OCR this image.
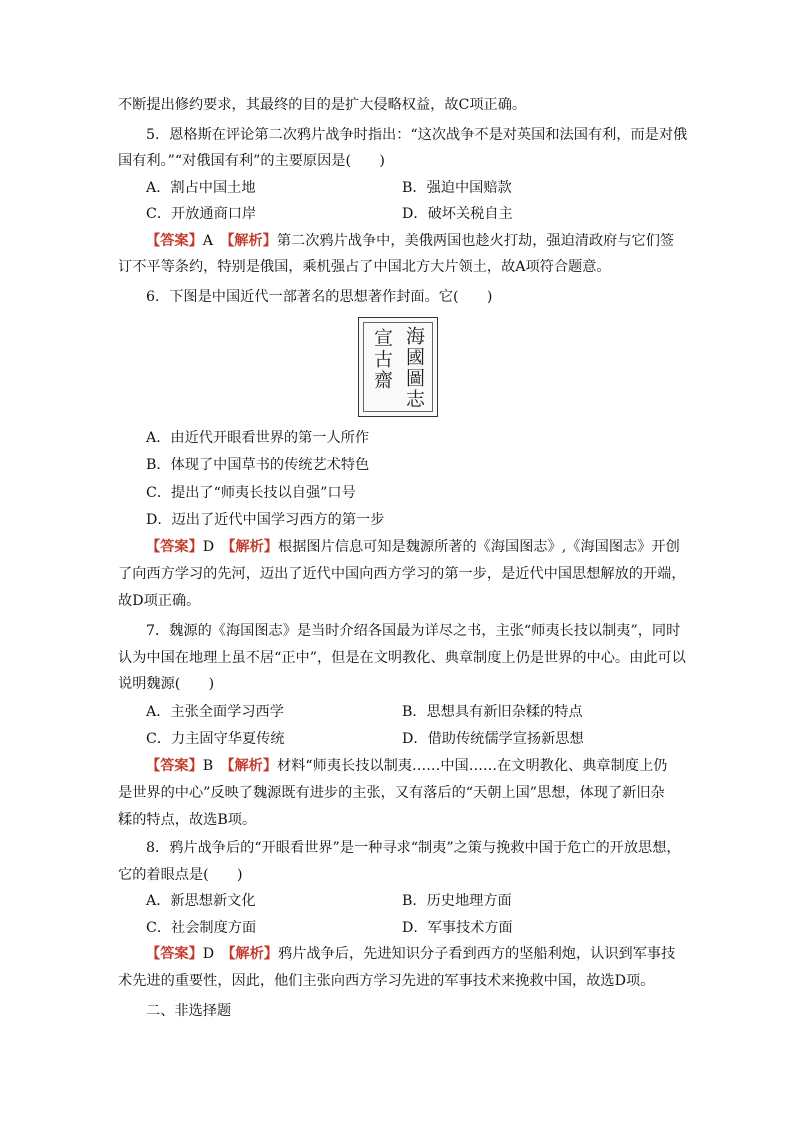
不断提出修约要求，其最终的目的是扩大侵略权益，故C项正确。
5．恩格斯在评论第二次鸦片战争时指出：“这次战争不是对英国和法国有利，而是对俄
国有利。”“对俄国有利”的主要原因是(　　)
A．割占中国土地	B．强迫中国赔款
C．开放通商口岸	D．破坏关税自主
【答案】A　【解析】第二次鸦片战争中，美俄两国也趁火打劫，强迫清政府与它们签
订不平等条约，特别是俄国，乘机强占了中国北方大片领土，故A项符合题意。
6．下图是中国近代一部著名的思想著作封面。它(　　)
海國圖志
宣古齋
A．由近代开眼看世界的第一人所作
B．体现了中国草书的传统艺术特色
C．提出了“师夷长技以自强”口号
D．迈出了近代中国学习西方的第一步
【答案】D　【解析】根据图片信息可知是魏源所著的《海国图志》,《海国图志》开创
了向西方学习的先河，迈出了近代中国向西方学习的第一步，是近代中国思想解放的开端，
故D项正确。
7．魏源的《海国图志》是当时介绍各国最为详尽之书，主张“师夷长技以制夷”，同时
认为中国在地理上虽不居“正中”，但是在文明教化、典章制度上仍是世界的中心。由此可以
说明魏源(　　)
A．主张全面学习西学	B．思想具有新旧杂糅的特点
C．力主固守华夏传统	D．借助传统儒学宣扬新思想
【答案】B　【解析】材料“师夷长技以制夷……中国……在文明教化、典章制度上仍
是世界的中心”反映了魏源既有进步的主张，又有落后的“天朝上国”思想，体现了新旧杂
糅的特点，故选B项。
8．鸦片战争后的“开眼看世界”是一种寻求“制夷”之策与挽救中国于危亡的开放思想，
它的着眼点是(　　)
A．新思想新文化	B．历史地理方面
C．社会制度方面	D．军事技术方面
【答案】D　【解析】鸦片战争后，先进知识分子看到西方的坚船利炮，认识到军事技
术先进的重要性，因此，他们主张向西方学习先进的军事技术来挽救中国，故选D项。
二、非选择题
